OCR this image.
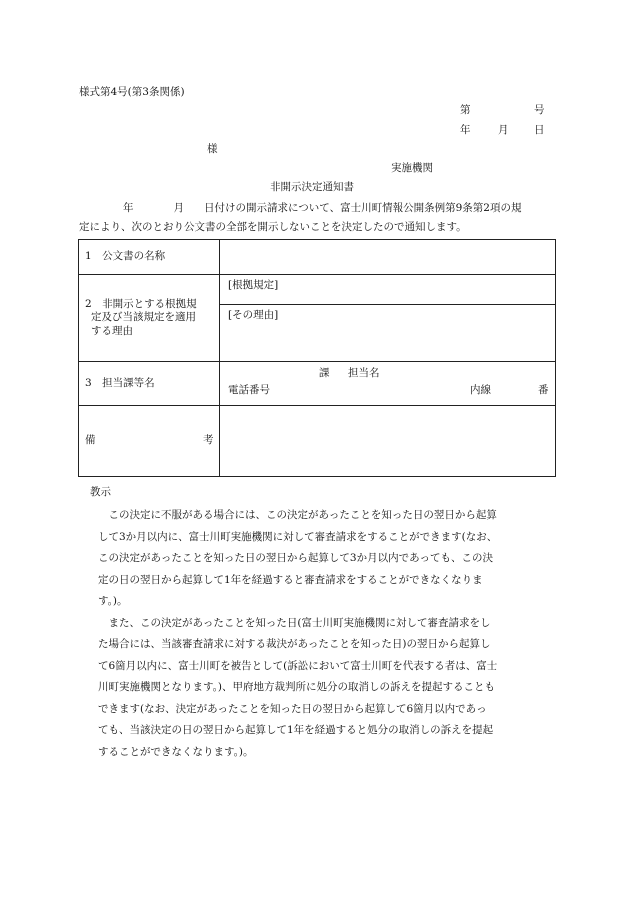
様式第4号(第3条関係)
第	号
年	月 日
様
実施機関
非開示決定通知書
年	月 日付けの開示請求について、富士川町情報公開条例第9条第2項の規
定により、次のとおり公文書の全部を開示しないことを決定したので通知します。
1　公文書の名称	

2　非開示とする根拠規
定及び当該規定を適用
する理由	[根拠規定]

	[その理由]

3　担当課等名	課 担当名
電話番号 内線 番

備 考	

教示
　この決定に不服がある場合には、この決定があったことを知った日の翌日から起算
して3か月以内に、富士川町実施機関に対して審査請求をすることができます(なお、
この決定があったことを知った日の翌日から起算して3か月以内であっても、この決
定の日の翌日から起算して1年を経過すると審査請求をすることができなくなりま
す。)。
　また、この決定があったことを知った日(富士川町実施機関に対して審査請求をし
た場合には、当該審査請求に対する裁決があったことを知った日)の翌日から起算し
て6箇月以内に、富士川町を被告として(訴訟において富士川町を代表する者は、富士
川町実施機関となります。)、甲府地方裁判所に処分の取消しの訴えを提起することも
できます(なお、決定があったことを知った日の翌日から起算して6箇月以内であっ
ても、当該決定の日の翌日から起算して1年を経過すると処分の取消しの訴えを提起
することができなくなります。)。
